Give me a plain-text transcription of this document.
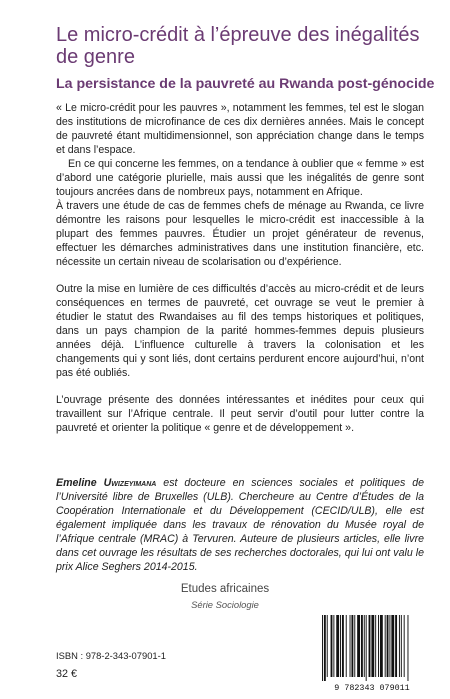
Le micro-crédit à l’épreuve des inégalités de genre
La persistance de la pauvreté au Rwanda post-génocide

« Le micro-crédit pour les pauvres », notamment les femmes, tel est le slogan des institutions de microfinance de ces dix dernières années. Mais le concept de pauvreté étant multidimensionnel, son appréciation change dans le temps et dans l’espace.

En ce qui concerne les femmes, on a tendance à oublier que « femme » est d’abord une catégorie plurielle, mais aussi que les inégalités de genre sont toujours ancrées dans de nombreux pays, notamment en Afrique.

À travers une étude de cas de femmes chefs de ménage au Rwanda, ce livre démontre les raisons pour lesquelles le micro-crédit est inaccessible à la plupart des femmes pauvres. Étudier un projet générateur de revenus, effectuer les démarches administratives dans une institution financière, etc. nécessite un certain niveau de scolarisation ou d’expérience.

Outre la mise en lumière de ces difficultés d’accès au micro-crédit et de leurs conséquences en termes de pauvreté, cet ouvrage se veut le premier à étudier le statut des Rwandaises au fil des temps historiques et politiques, dans un pays champion de la parité hommes-femmes depuis plusieurs années déjà. L’influence culturelle à travers la colonisation et les changements qui y sont liés, dont certains perdurent encore aujourd’hui, n’ont pas été oubliés.

L’ouvrage présente des données intéressantes et inédites pour ceux qui travaillent sur l’Afrique centrale. Il peut servir d’outil pour lutter contre la pauvreté et orienter la politique « genre et de développement ».

Emeline Uwizeyimana est docteure en sciences sociales et politiques de l’Université libre de Bruxelles (ULB). Chercheure au Centre d’Études de la Coopération Internationale et du Développement (CECID/ULB), elle est également impliquée dans les travaux de rénovation du Musée royal de l’Afrique centrale (MRAC) à Tervuren. Auteure de plusieurs articles, elle livre dans cet ouvrage les résultats de ses recherches doctorales, qui lui ont valu le prix Alice Seghers 2014-2015.
Etudes africaines
Série Sociologie
ISBN : 978-2-343-07901-1
32 €
9 782343 079011
